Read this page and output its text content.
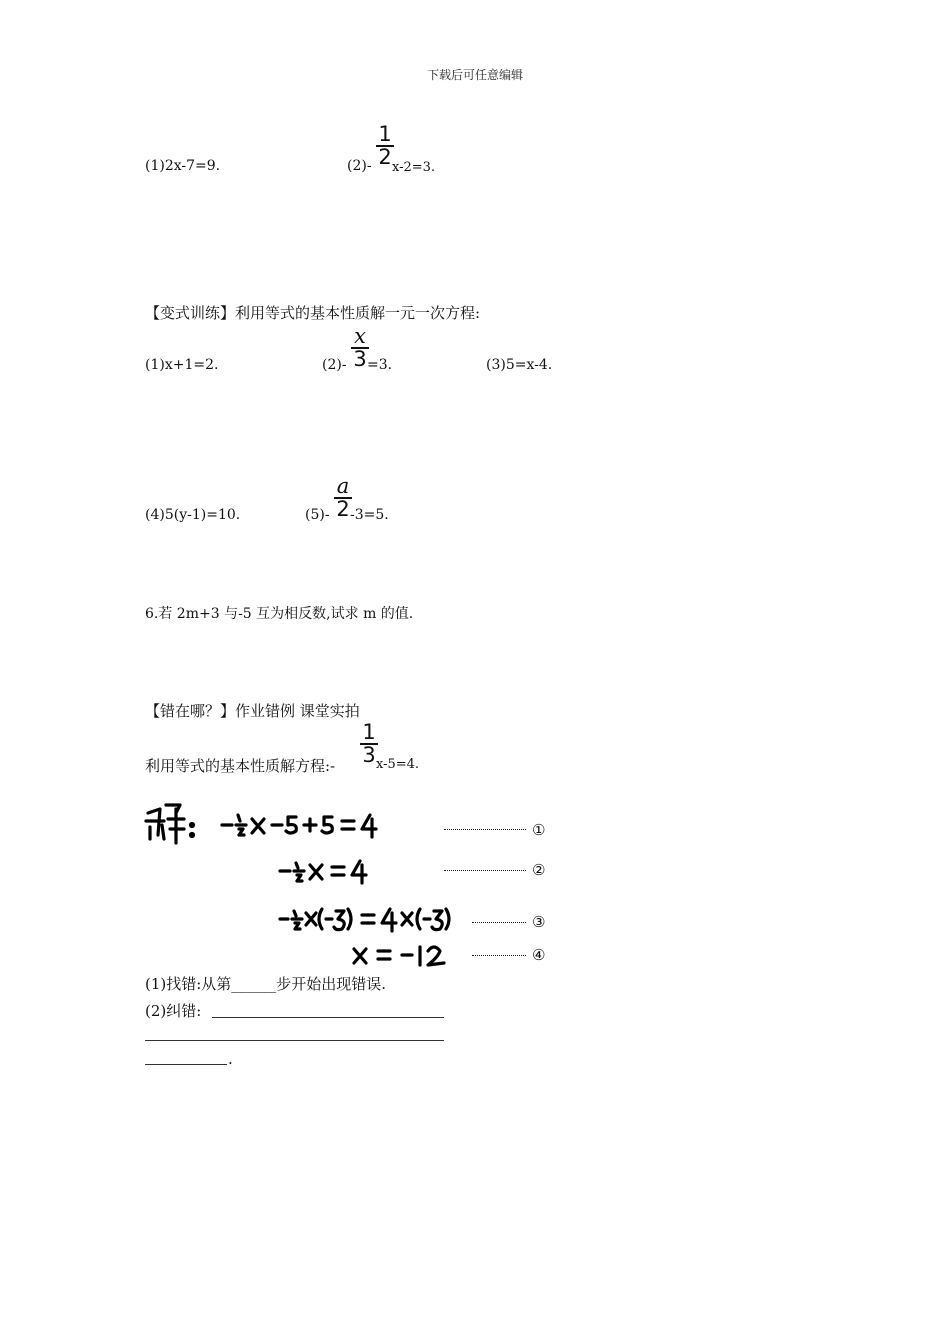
下载后可任意编辑
(1)2x-7=9.	(2)-
1
2 x-2=3.
【变式训练】利用等式的基本性质解一元一次方程:
(1)x+1=2.	(2)-
x
3 =3.	(3)5=x-4.
(4)5(y-1)=10.	(5)-
a
2 -3=5.
6.若 2m+3 与-5 互为相反数,试求 m 的值.
【错在哪？】作业错例 课堂实拍
利用等式的基本性质解方程:-
1
3 x-5=4.
①
②
③
④
(1)找错:从第______步开始出现错误.
(2)纠错:
.
